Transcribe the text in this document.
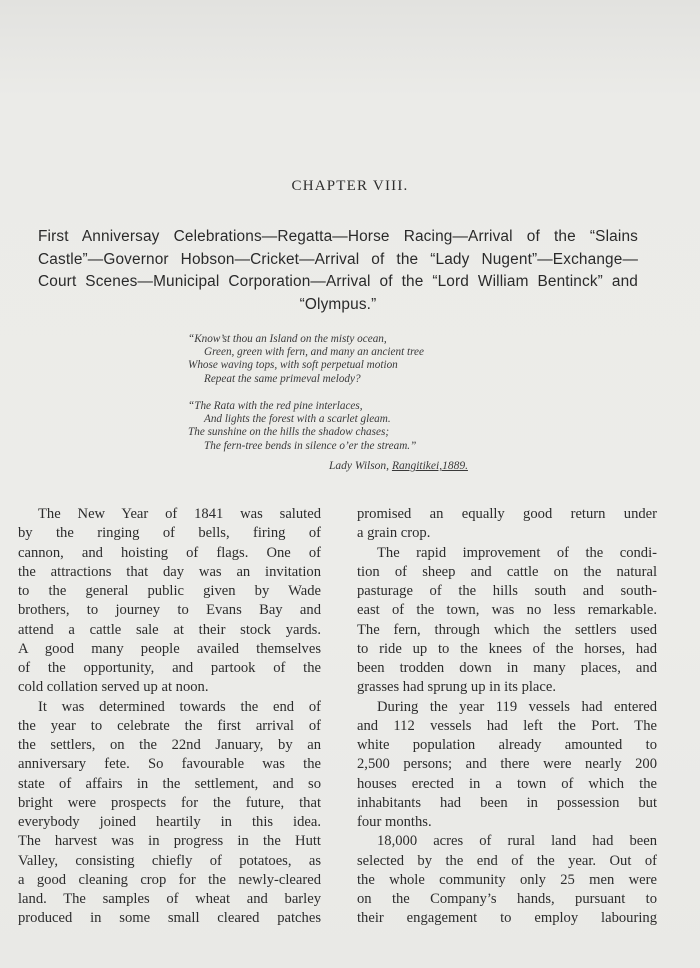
CHAPTER VIII.
First Anniversay Celebrations—Regatta—Horse Racing—Arrival of the “Slains Castle”—Governor Hobson—Cricket—Arrival of the “Lady Nugent”—Exchange—Court Scenes—Municipal Corporation—Arrival of the “Lord William Bentinck” and “Olympus.”
“Know’st thou an Island on the misty ocean,
Green, green with fern, and many an ancient tree
Whose waving tops, with soft perpetual motion
Repeat the same primeval melody?
“The Rata with the red pine interlaces,
And lights the forest with a scarlet gleam.
The sunshine on the hills the shadow chases;
The fern-tree bends in silence o’er the stream.”
Lady Wilson, Rangitikei,1889.
The New Year of 1841 was saluted
by the ringing of bells, firing of
cannon, and hoisting of flags. One of
the attractions that day was an invitation
to the general public given by Wade
brothers, to journey to Evans Bay and
attend a cattle sale at their stock yards.
A good many people availed themselves
of the opportunity, and partook of the
cold collation served up at noon.
It was determined towards the end of
the year to celebrate the first arrival of
the settlers, on the 22nd January, by an
anniversary fete. So favourable was the
state of affairs in the settlement, and so
bright were prospects for the future, that
everybody joined heartily in this idea.
The harvest was in progress in the Hutt
Valley, consisting chiefly of potatoes, as
a good cleaning crop for the newly-cleared
land. The samples of wheat and barley
produced in some small cleared patches
promised an equally good return under
a grain crop.
The rapid improvement of the condi-
tion of sheep and cattle on the natural
pasturage of the hills south and south-
east of the town, was no less remarkable.
The fern, through which the settlers used
to ride up to the knees of the horses, had
been trodden down in many places, and
grasses had sprung up in its place.
During the year 119 vessels had entered
and 112 vessels had left the Port. The
white population already amounted to
2,500 persons; and there were nearly 200
houses erected in a town of which the
inhabitants had been in possession but
four months.
18,000 acres of rural land had been
selected by the end of the year. Out of
the whole community only 25 men were
on the Company’s hands, pursuant to
their engagement to employ labouring
